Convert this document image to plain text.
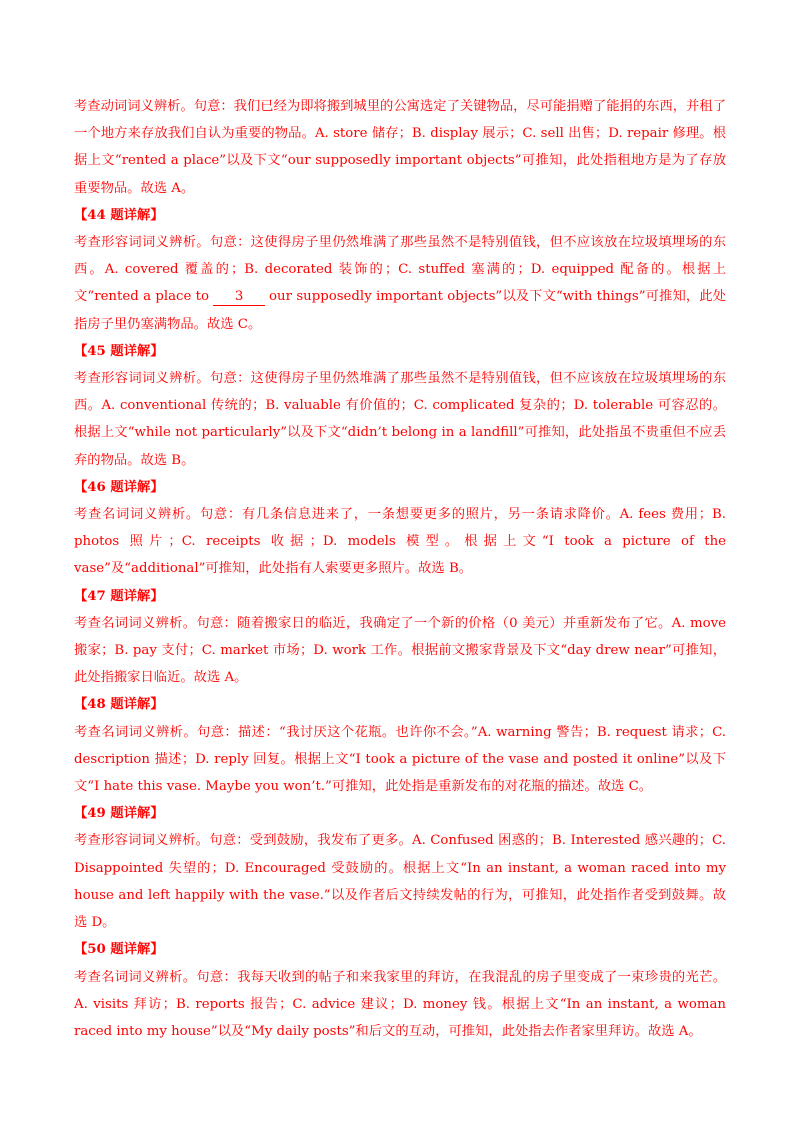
考查动词词义辨析。句意：我们已经为即将搬到城里的公寓选定了关键物品，尽可能捐赠了能捐的东西，并租了一个地方来存放我们自认为重要的物品。A. store 储存；B. display 展示；C. sell 出售；D. repair 修理。根据上文“rented a place”以及下文“our supposedly important objects”可推知，此处指租地方是为了存放重要物品。故选 A。

【44 题详解】

考查形容词词义辨析。句意：这使得房子里仍然堆满了那些虽然不是特别值钱，但不应该放在垃圾填埋场的东西。A. covered 覆盖的；B. decorated 装饰的；C. stuffed 塞满的；D. equipped 配备的。根据上文“rented a place to 3 our supposedly important objects”以及下文“with things”可推知，此处指房子里仍塞满物品。故选 C。

【45 题详解】

考查形容词词义辨析。句意：这使得房子里仍然堆满了那些虽然不是特别值钱，但不应该放在垃圾填埋场的东西。A. conventional 传统的；B. valuable 有价值的；C. complicated 复杂的；D. tolerable 可容忍的。根据上文“while not particularly”以及下文“didn’t belong in a landfill”可推知，此处指虽不贵重但不应丢弃的物品。故选 B。

【46 题详解】

考查名词词义辨析。句意：有几条信息进来了，一条想要更多的照片，另一条请求降价。A. fees 费用；B. photos 照片；C. receipts 收据；D. models 模型。根据上文“I took a picture of the vase”及“additional”可推知，此处指有人索要更多照片。故选 B。

【47 题详解】

考查名词词义辨析。句意：随着搬家日的临近，我确定了一个新的价格（0 美元）并重新发布了它。A. move 搬家；B. pay 支付；C. market 市场；D. work 工作。根据前文搬家背景及下文“day drew near”可推知，此处指搬家日临近。故选 A。

【48 题详解】

考查名词词义辨析。句意：描述：“我讨厌这个花瓶。也许你不会。”A. warning 警告；B. request 请求；C. description 描述；D. reply 回复。根据上文“I took a picture of the vase and posted it online”以及下文“I hate this vase. Maybe you won’t.”可推知，此处指是重新发布的对花瓶的描述。故选 C。

【49 题详解】

考查形容词词义辨析。句意：受到鼓励，我发布了更多。A. Confused 困惑的；B. Interested 感兴趣的；C. Disappointed 失望的；D. Encouraged 受鼓励的。根据上文“In an instant, a woman raced into my house and left happily with the vase.”以及作者后文持续发帖的行为，可推知，此处指作者受到鼓舞。故选 D。

【50 题详解】

考查名词词义辨析。句意：我每天收到的帖子和来我家里的拜访，在我混乱的房子里变成了一束珍贵的光芒。A. visits 拜访；B. reports 报告；C. advice 建议；D. money 钱。根据上文“In an instant, a woman raced into my house”以及“My daily posts”和后文的互动，可推知，此处指去作者家里拜访。故选 A。
